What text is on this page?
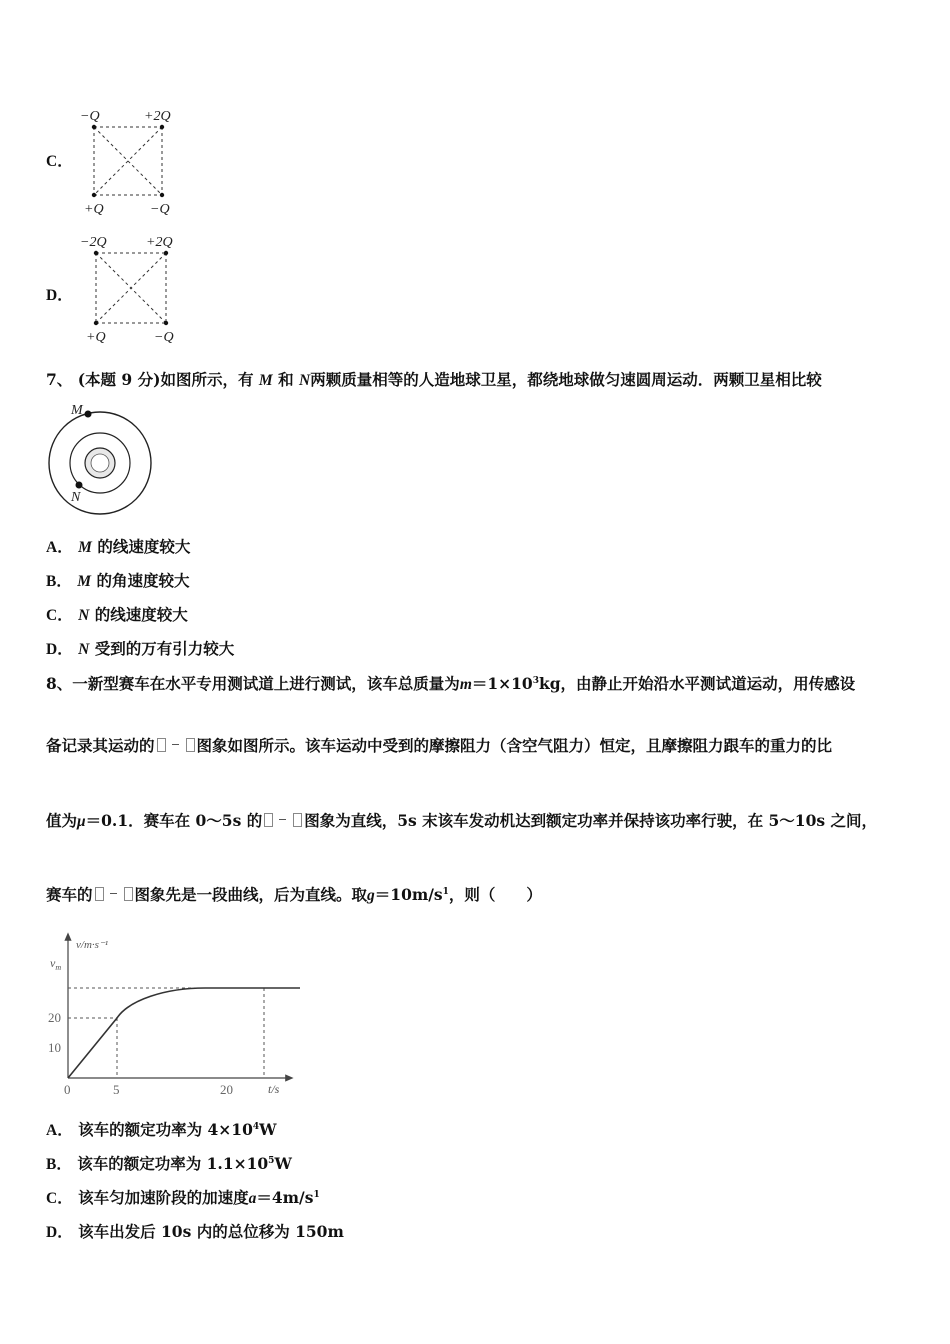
C．
−Q	+2Q
+Q	−Q
D．
−2Q	+2Q
+Q	−Q
7、 (本题 9 分)如图所示，有 M 和 N两颗质量相等的人造地球卫星，都绕地球做匀速圆周运动．两颗卫星相比较
M
N
A． M 的线速度较大
B． M 的角速度较大
C． N 的线速度较大
D． N 受到的万有引力较大
8、一新型赛车在水平专用测试道上进行测试，该车总质量为$m=1\times 10^3kg$，由静止开始沿水平测试道运动，用传感设
备记录其运动的	图象如图所示。该车运动中受到的摩擦阻力（含空气阻力）恒定，且摩擦阻力跟车的重力的比
值为μ＝0.1．赛车在 0～5s 的	图象为直线，5s 末该车发动机达到额定功率并保持该功率行驶，在 5～10s 之间，
赛车的	图象先是一段曲线，后为直线。取$g=10m/s^1$，则（　　）
v/m·s⁻¹
t/s
$v_m$
20
10
0	5	20
A． 该车的额定功率为 $4\times 10^4W$
B． 该车的额定功率为 $1.1\times 10^5W$
C． 该车匀加速阶段的加速度$a=4m/s^1$
D． 该车出发后 10s 内的总位移为 150m
